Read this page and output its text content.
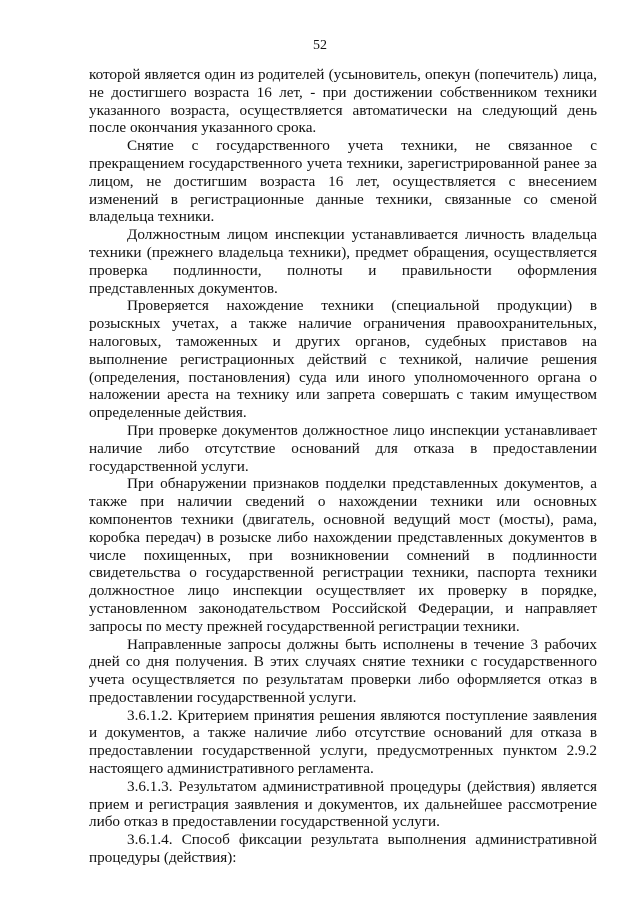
52

которой является один из родителей (усыновитель, опекун (попечитель) лица, не достигшего возраста 16 лет, - при достижении собственником техники указанного возраста, осуществляется автоматически на следующий день после окончания указанного срока.

Снятие с государственного учета техники, не связанное с прекращением государственного учета техники, зарегистрированной ранее за лицом, не достигшим возраста 16 лет, осуществляется с внесением изменений в регистрационные данные техники, связанные со сменой владельца техники.

Должностным лицом инспекции устанавливается личность владельца техники (прежнего владельца техники), предмет обращения, осуществляется проверка подлинности, полноты и правильности оформления представленных документов.

Проверяется нахождение техники (специальной продукции) в розыскных учетах, а также наличие ограничения правоохранительных, налоговых, таможенных и других органов, судебных приставов на выполнение регистрационных действий с техникой, наличие решения (определения, постановления) суда или иного уполномоченного органа о наложении ареста на технику или запрета совершать с таким имуществом определенные действия.

При проверке документов должностное лицо инспекции устанавливает наличие либо отсутствие оснований для отказа в предоставлении государственной услуги.

При обнаружении признаков подделки представленных документов, а также при наличии сведений о нахождении техники или основных компонентов техники (двигатель, основной ведущий мост (мосты), рама, коробка передач) в розыске либо нахождении представленных документов в числе похищенных, при возникновении сомнений в подлинности свидетельства о государственной регистрации техники, паспорта техники должностное лицо инспекции осуществляет их проверку в порядке, установленном законодательством Российской Федерации, и направляет запросы по месту прежней государственной регистрации техники.

Направленные запросы должны быть исполнены в течение 3 рабочих дней со дня получения. В этих случаях снятие техники с государственного учета осуществляется по результатам проверки либо оформляется отказ в предоставлении государственной услуги.

3.6.1.2. Критерием принятия решения являются поступление заявления и документов, а также наличие либо отсутствие оснований для отказа в предоставлении государственной услуги, предусмотренных пунктом 2.9.2 настоящего административного регламента.

3.6.1.3. Результатом административной процедуры (действия) является прием и регистрация заявления и документов, их дальнейшее рассмотрение либо отказ в предоставлении государственной услуги.

3.6.1.4. Способ фиксации результата выполнения административной процедуры (действия):
